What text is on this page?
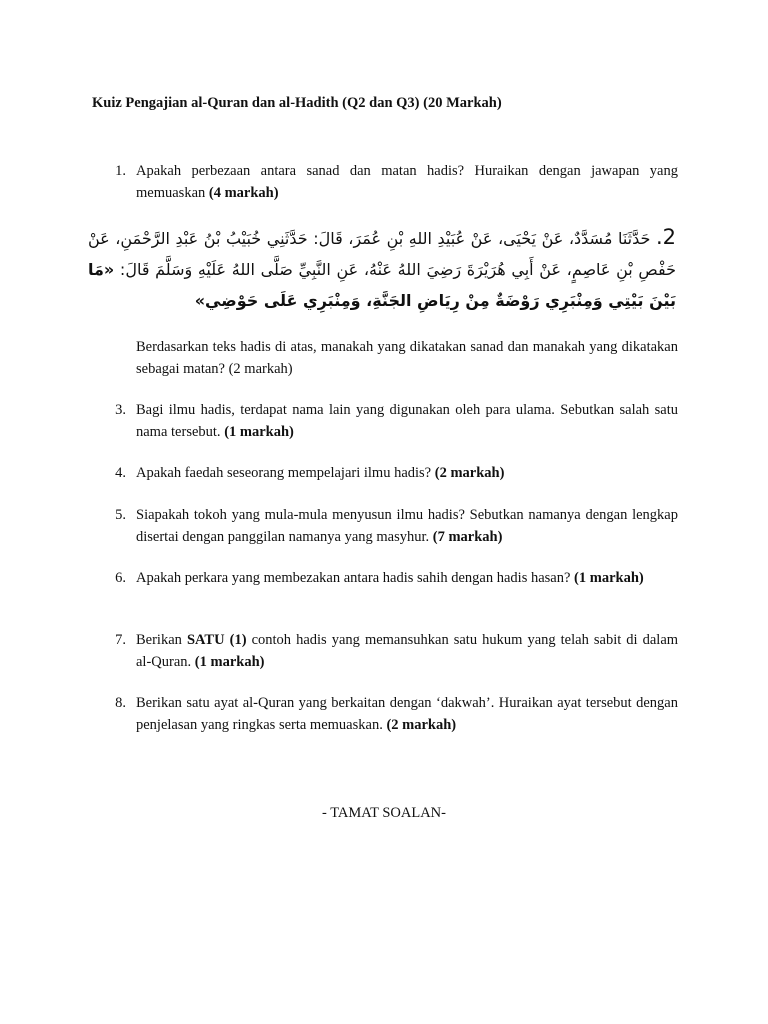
Kuiz Pengajian al-Quran dan al-Hadith (Q2 dan Q3) (20 Markah)
1. Apakah perbezaan antara sanad dan matan hadis? Huraikan dengan jawapan yang memuaskan (4 markah)
2. حَدَّثَنَا مُسَدَّدٌ، عَنْ يَحْيَى، عَنْ عُبَيْدِ اللهِ بْنِ عُمَرَ، قَالَ: حَدَّثَنِي خُبَيْبُ بْنُ عَبْدِ الرَّحْمَنِ، عَنْ حَفْصِ بْنِ عَاصِمٍ، عَنْ أَبِي هُرَيْرَةَ رَضِيَ اللهُ عَنْهُ، عَنِ النَّبِيِّ صَلَّى اللهُ عَلَيْهِ وَسَلَّمَ قَالَ: «مَا بَيْنَ بَيْتِي وَمِنْبَرِي رَوْضَةٌ مِنْ رِيَاضِ الجَنَّةِ، وَمِنْبَرِي عَلَى حَوْضِي»
Berdasarkan teks hadis di atas, manakah yang dikatakan sanad dan manakah yang dikatakan sebagai matan? (2 markah)
3. Bagi ilmu hadis, terdapat nama lain yang digunakan oleh para ulama. Sebutkan salah satu nama tersebut. (1 markah)
4. Apakah faedah seseorang mempelajari ilmu hadis? (2 markah)
5. Siapakah tokoh yang mula-mula menyusun ilmu hadis? Sebutkan namanya dengan lengkap disertai dengan panggilan namanya yang masyhur. (7 markah)
6. Apakah perkara yang membezakan antara hadis sahih dengan hadis hasan? (1 markah)
7. Berikan SATU (1) contoh hadis yang memansuhkan satu hukum yang telah sabit di dalam al-Quran. (1 markah)
8. Berikan satu ayat al-Quran yang berkaitan dengan ‘dakwah’. Huraikan ayat tersebut dengan penjelasan yang ringkas serta memuaskan. (2 markah)
- TAMAT SOALAN-
